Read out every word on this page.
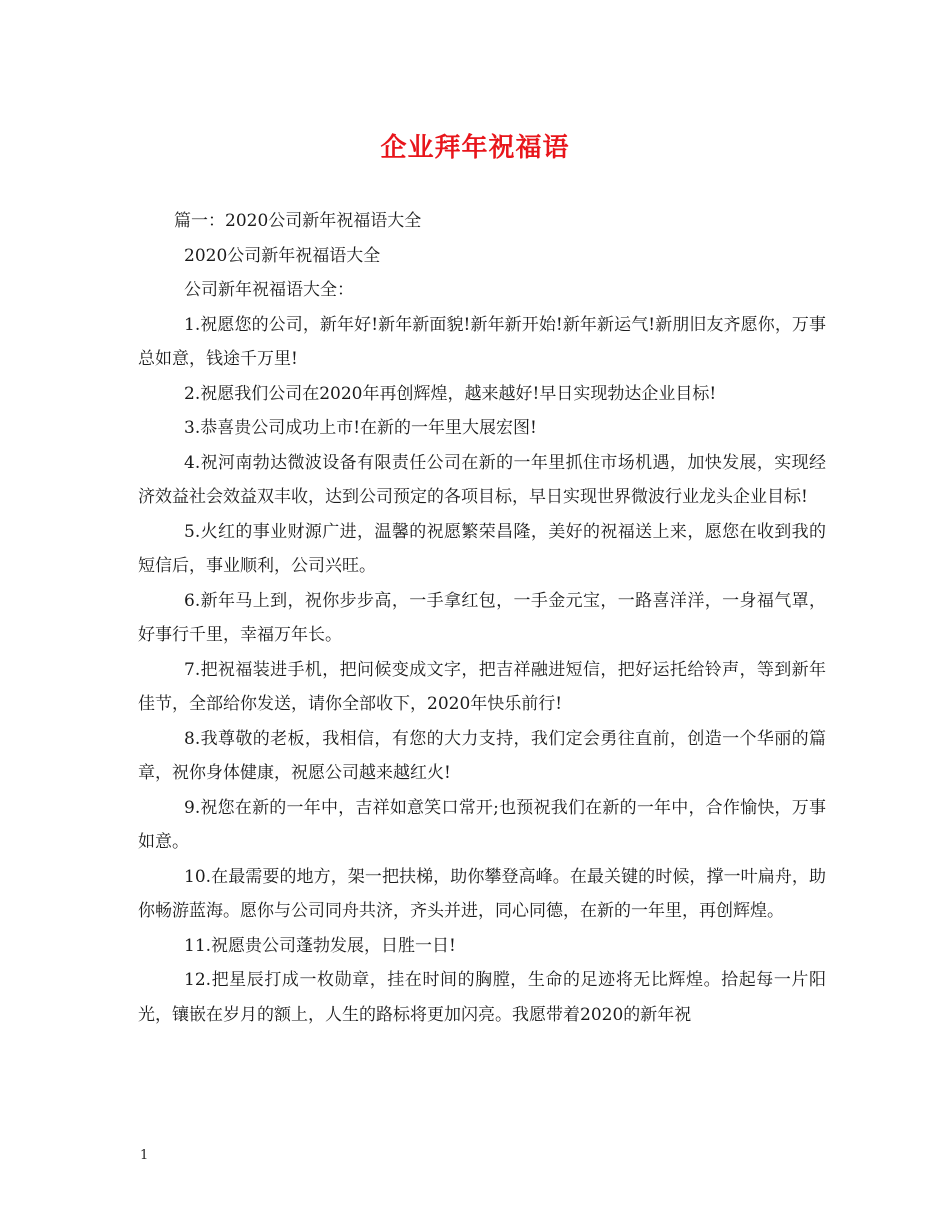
企业拜年祝福语

篇一：2020公司新年祝福语大全

2020公司新年祝福语大全

公司新年祝福语大全：

1.祝愿您的公司，新年好!新年新面貌!新年新开始!新年新运气!新朋旧友齐愿你，万事总如意，钱途千万里!

2.祝愿我们公司在2020年再创辉煌，越来越好!早日实现勃达企业目标!

3.恭喜贵公司成功上市!在新的一年里大展宏图!

4.祝河南勃达微波设备有限责任公司在新的一年里抓住市场机遇，加快发展，实现经济效益社会效益双丰收，达到公司预定的各项目标，早日实现世界微波行业龙头企业目标!

5.火红的事业财源广进，温馨的祝愿繁荣昌隆，美好的祝福送上来，愿您在收到我的短信后，事业顺利，公司兴旺。

6.新年马上到，祝你步步高，一手拿红包，一手金元宝，一路喜洋洋，一身福气罩，好事行千里，幸福万年长。

7.把祝福装进手机，把问候变成文字，把吉祥融进短信，把好运托给铃声，等到新年佳节，全部给你发送，请你全部收下，2020年快乐前行!

8.我尊敬的老板，我相信，有您的大力支持，我们定会勇往直前，创造一个华丽的篇章，祝你身体健康，祝愿公司越来越红火!

9.祝您在新的一年中，吉祥如意笑口常开;也预祝我们在新的一年中，合作愉快，万事如意。

10.在最需要的地方，架一把扶梯，助你攀登高峰。在最关键的时候，撑一叶扁舟，助你畅游蓝海。愿你与公司同舟共济，齐头并进，同心同德，在新的一年里，再创辉煌。

11.祝愿贵公司蓬勃发展，日胜一日!

12.把星辰打成一枚勋章，挂在时间的胸膛，生命的足迹将无比辉煌。拾起每一片阳光，镶嵌在岁月的额上，人生的路标将更加闪亮。我愿带着2020的新年祝

1
